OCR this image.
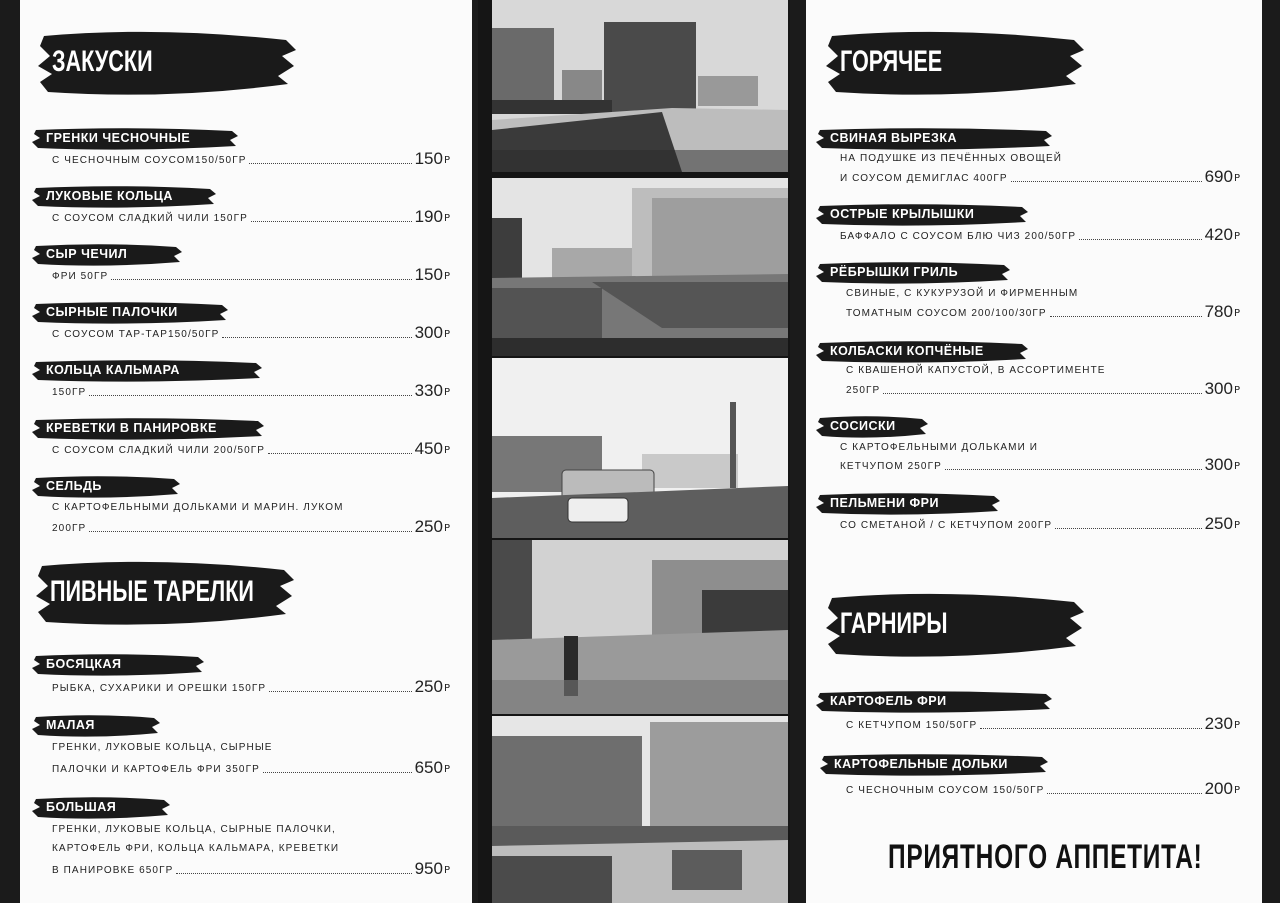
ЗАКУСКИ
ГРЕНКИ ЧЕСНОЧНЫЕ
С ЧЕСНОЧНЫМ СОУСОМ150/50ГР	150 Р
ЛУКОВЫЕ КОЛЬЦА
С СОУСОМ СЛАДКИЙ ЧИЛИ 150ГР	190 Р
СЫР ЧЕЧИЛ
ФРИ 50ГР	150 Р
СЫРНЫЕ ПАЛОЧКИ
С СОУСОМ ТАР-ТАР150/50ГР	300 Р
КОЛЬЦА КАЛЬМАРА
150ГР	330 Р
КРЕВЕТКИ В ПАНИРОВКЕ
С СОУСОМ СЛАДКИЙ ЧИЛИ 200/50ГР	450 Р
СЕЛЬДЬ
С КАРТОФЕЛЬНЫМИ ДОЛЬКАМИ И МАРИН. ЛУКОМ
200ГР	250 Р
ПИВНЫЕ ТАРЕЛКИ
БОСЯЦКАЯ
РЫБКА, СУХАРИКИ И ОРЕШКИ 150ГР	250 Р
МАЛАЯ
ГРЕНКИ, ЛУКОВЫЕ КОЛЬЦА, СЫРНЫЕ
ПАЛОЧКИ И КАРТОФЕЛЬ ФРИ 350ГР	650 Р
БОЛЬШАЯ
ГРЕНКИ, ЛУКОВЫЕ КОЛЬЦА, СЫРНЫЕ ПАЛОЧКИ,
КАРТОФЕЛЬ ФРИ, КОЛЬЦА КАЛЬМАРА, КРЕВЕТКИ
В ПАНИРОВКЕ 650ГР	950 Р
ГОРЯЧЕЕ
СВИНАЯ ВЫРЕЗКА
НА ПОДУШКЕ ИЗ ПЕЧЁННЫХ ОВОЩЕЙ
И СОУСОМ ДЕМИГЛАС 400ГР	690 Р
ОСТРЫЕ КРЫЛЫШКИ
БАФФАЛО С СОУСОМ БЛЮ ЧИЗ 200/50ГР	420 Р
РЁБРЫШКИ ГРИЛЬ
СВИНЫЕ, С КУКУРУЗОЙ И ФИРМЕННЫМ
ТОМАТНЫМ СОУСОМ 200/100/30ГР	780 Р
КОЛБАСКИ КОПЧЁНЫЕ
С КВАШЕНОЙ КАПУСТОЙ, В АССОРТИМЕНТЕ
250ГР	300 Р
СОСИСКИ
С КАРТОФЕЛЬНЫМИ ДОЛЬКАМИ И
КЕТЧУПОМ 250ГР	300 Р
ПЕЛЬМЕНИ ФРИ
СО СМЕТАНОЙ / С КЕТЧУПОМ 200ГР	250 Р
ГАРНИРЫ
КАРТОФЕЛЬ ФРИ
С КЕТЧУПОМ 150/50ГР	230 Р
КАРТОФЕЛЬНЫЕ ДОЛЬКИ
С ЧЕСНОЧНЫМ СОУСОМ 150/50ГР	200 Р
ПРИЯТНОГО АППЕТИТА!
